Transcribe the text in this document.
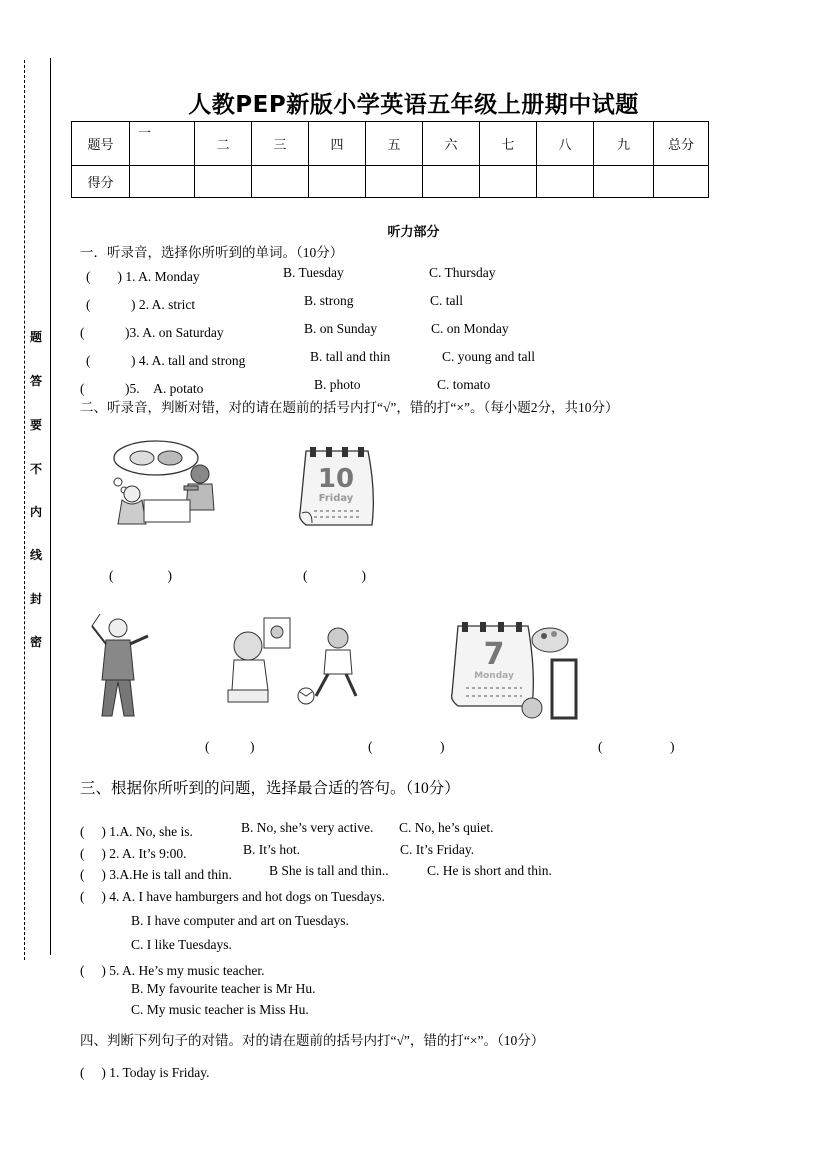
密
封
线
内
不
要
答
题
人教PEP新版小学英语五年级上册期中试题
题号	一	二	三	四	五	六	七	八	九	总分
得分										
听力部分
一．听录音，选择你所听到的单词。（10分）
(　　) 1. A. Monday	B. Tuesday	C. Thursday
(　　　) 2. A. strict	B. strong	C. tall
(　　　)3. A. on Saturday	B. on Sunday	C. on Monday
(　　　) 4. A. tall and strong	B. tall and thin	C. young and tall
(　　　)5.    A. potato	B. photo	C. tomato
二、听录音，判断对错，对的请在题前的括号内打“√”，错的打“×”。（每小题2分，共10分）
10
Friday
(　　　　)	(　　　　)
7
Monday
(　　　)	(　　　　　)	(　　　　　)
三、根据你所听到的问题，选择最合适的答句。（10分）
(　 ) 1.A. No, she is.	B. No, she’s very active. C. No, he’s quiet.
(　 ) 2. A. It’s 9:00.	B. It’s hot.	C. It’s Friday.
(　 ) 3.A.He is tall and thin.	B She is tall and thin..	C. He is short and thin.
(　 ) 4. A. I have hamburgers and hot dogs on Tuesdays.
B. I have computer and art on Tuesdays.
C. I like Tuesdays.
(　 ) 5. A. He’s my music teacher.
B. My favourite teacher is Mr Hu.
C. My music teacher is Miss Hu.
四、判断下列句子的对错。对的请在题前的括号内打“√”，错的打“×”。（10分）
(　 ) 1. Today is Friday.
